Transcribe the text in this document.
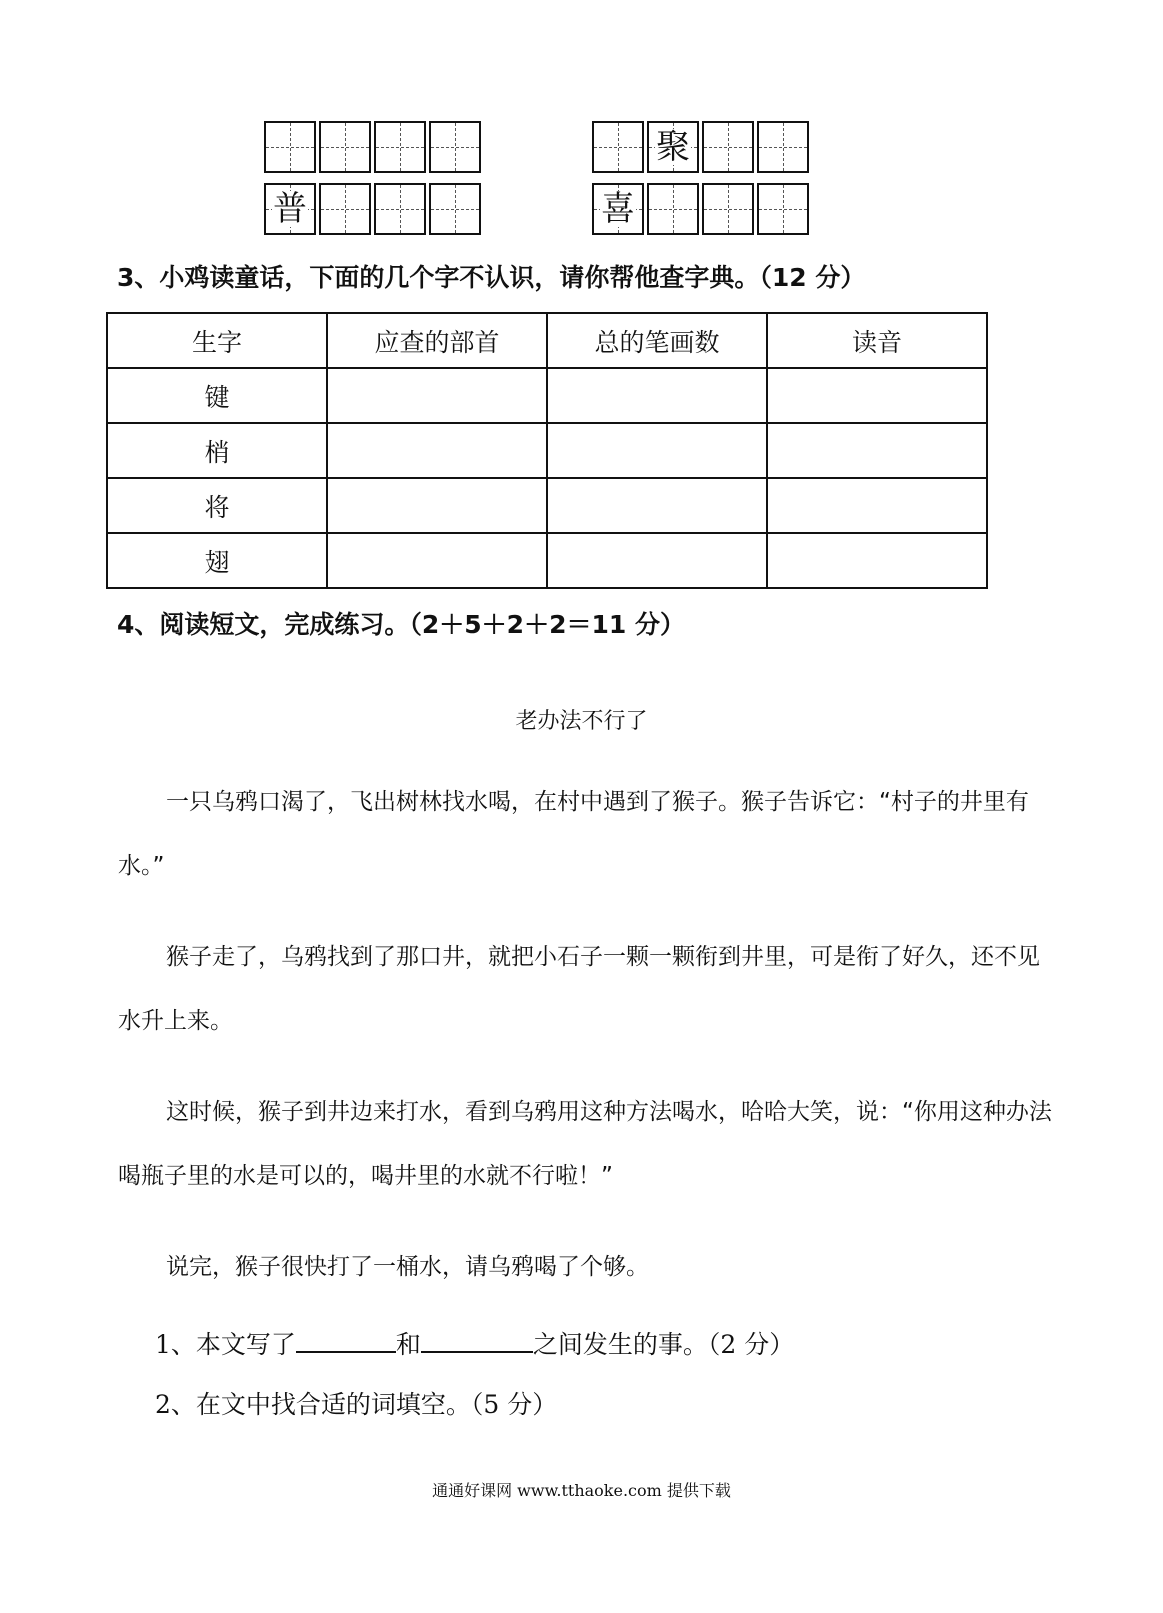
普
聚
喜
3、小鸡读童话，下面的几个字不认识，请你帮他查字典。（12 分）
生字	应查的部首	总的笔画数	读音
键			
梢			
将			
翅			
4、阅读短文，完成练习。（2＋5＋2＋2＝11 分）
老办法不行了

一只乌鸦口渴了，飞出树林找水喝，在村中遇到了猴子。猴子告诉它：“村子的井里有水。”

猴子走了，乌鸦找到了那口井，就把小石子一颗一颗衔到井里，可是衔了好久，还不见水升上来。

这时候，猴子到井边来打水，看到乌鸦用这种方法喝水，哈哈大笑，说：“你用这种办法喝瓶子里的水是可以的，喝井里的水就不行啦！”

说完，猴子很快打了一桶水，请乌鸦喝了个够。

1、本文写了	和	之间发生的事。（2 分）
2、在文中找合适的词填空。（5 分）
通通好课网 www.tthaoke.com 提供下载
